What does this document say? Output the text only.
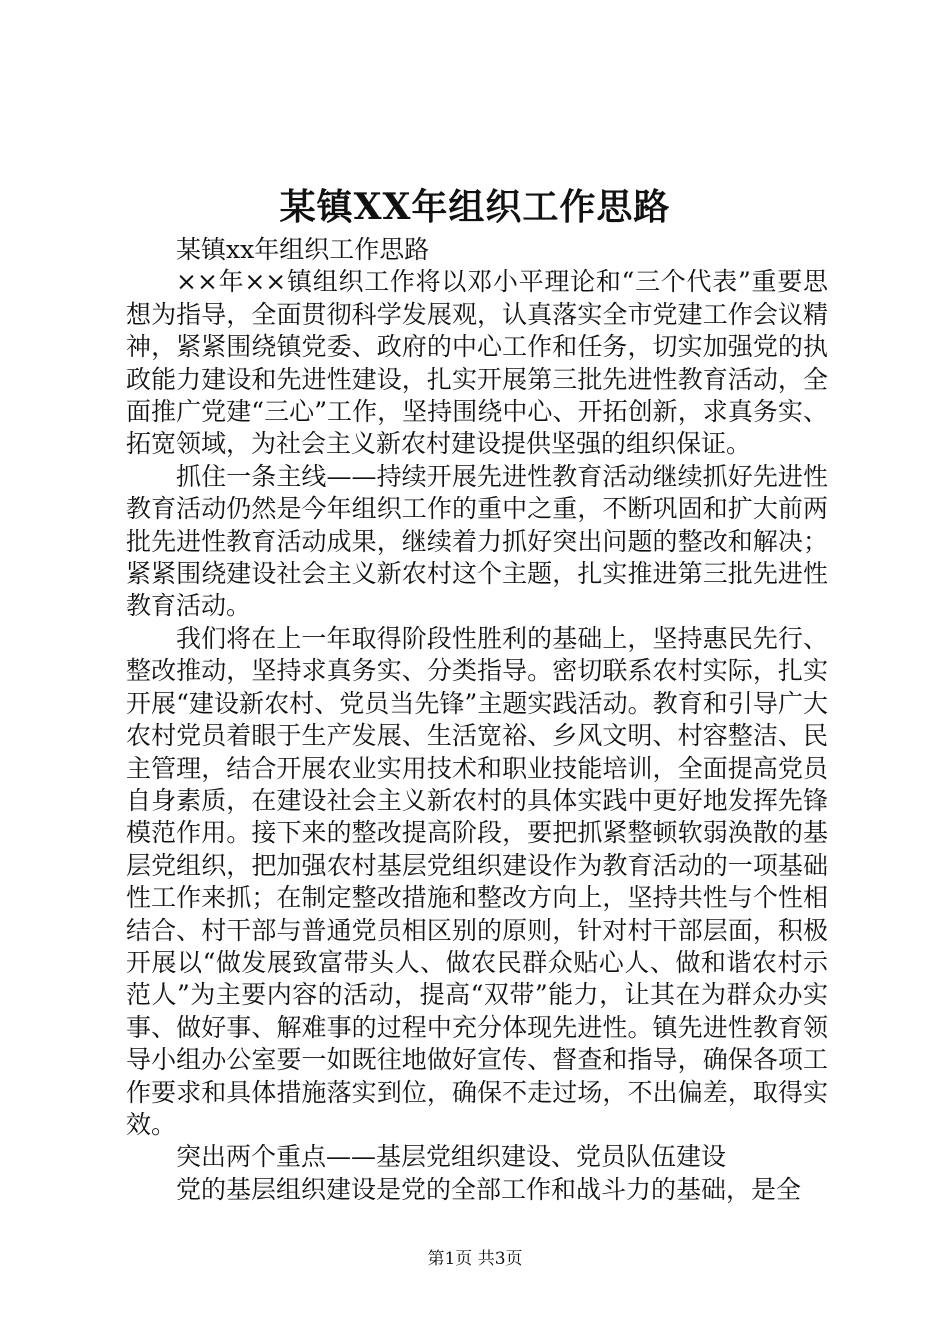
某镇XX年组织工作思路

某镇xx年组织工作思路

××年××镇组织工作将以邓小平理论和“三个代表”重要思想为指导，全面贯彻科学发展观，认真落实全市党建工作会议精神，紧紧围绕镇党委、政府的中心工作和任务，切实加强党的执政能力建设和先进性建设，扎实开展第三批先进性教育活动，全面推广党建“三心”工作，坚持围绕中心、开拓创新，求真务实、拓宽领域，为社会主义新农村建设提供坚强的组织保证。

抓住一条主线——持续开展先进性教育活动继续抓好先进性教育活动仍然是今年组织工作的重中之重，不断巩固和扩大前两批先进性教育活动成果，继续着力抓好突出问题的整改和解决；紧紧围绕建设社会主义新农村这个主题，扎实推进第三批先进性教育活动。

我们将在上一年取得阶段性胜利的基础上，坚持惠民先行、整改推动，坚持求真务实、分类指导。密切联系农村实际，扎实开展“建设新农村、党员当先锋”主题实践活动。教育和引导广大农村党员着眼于生产发展、生活宽裕、乡风文明、村容整洁、民主管理，结合开展农业实用技术和职业技能培训，全面提高党员自身素质，在建设社会主义新农村的具体实践中更好地发挥先锋模范作用。接下来的整改提高阶段，要把抓紧整顿软弱涣散的基层党组织，把加强农村基层党组织建设作为教育活动的一项基础性工作来抓；在制定整改措施和整改方向上，坚持共性与个性相结合、村干部与普通党员相区别的原则，针对村干部层面，积极开展以“做发展致富带头人、做农民群众贴心人、做和谐农村示范人”为主要内容的活动，提高“双带”能力，让其在为群众办实事、做好事、解难事的过程中充分体现先进性。镇先进性教育领导小组办公室要一如既往地做好宣传、督查和指导，确保各项工作要求和具体措施落实到位，确保不走过场，不出偏差，取得实效。

突出两个重点——基层党组织建设、党员队伍建设

党的基层组织建设是党的全部工作和战斗力的基础，是全

第1页 共3页
